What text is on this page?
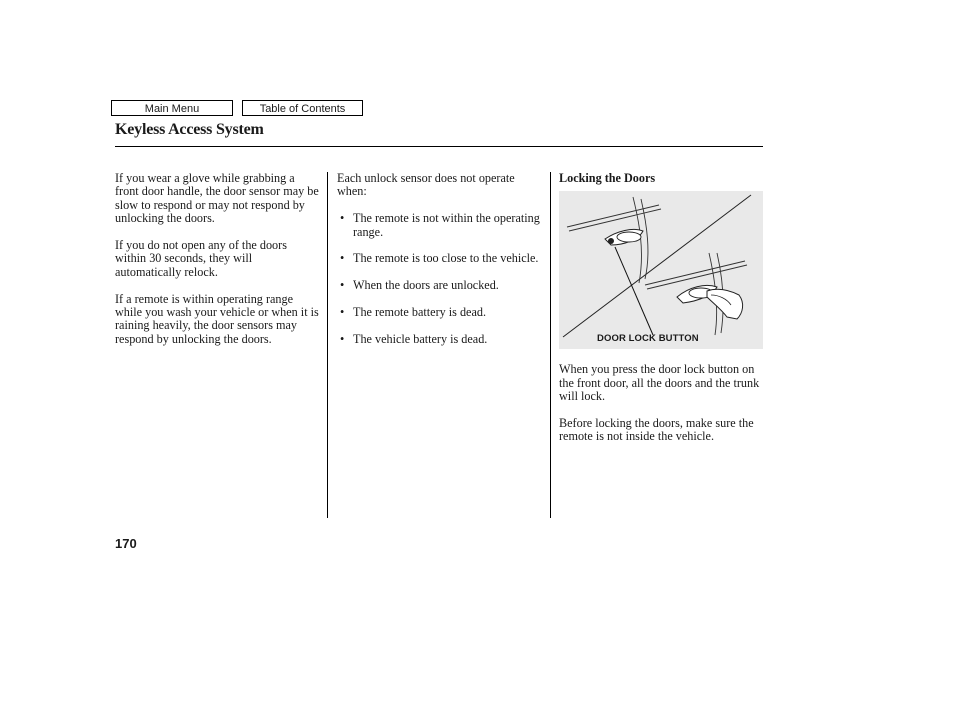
Main Menu	Table of Contents
Keyless Access System

If you wear a glove while grabbing a front door handle, the door sensor may be slow to respond or may not respond by unlocking the doors.

If you do not open any of the doors within 30 seconds, they will automatically relock.

If a remote is within operating range while you wash your vehicle or when it is raining heavily, the door sensors may respond by unlocking the doors.

Each unlock sensor does not operate when:

• The remote is not within the operating range.
• The remote is too close to the vehicle.
• When the doors are unlocked.
• The remote battery is dead.
• The vehicle battery is dead.
Locking the Doors
DOOR LOCK BUTTON

When you press the door lock button on the front door, all the doors and the trunk will lock.

Before locking the doors, make sure the remote is not inside the vehicle.

170
